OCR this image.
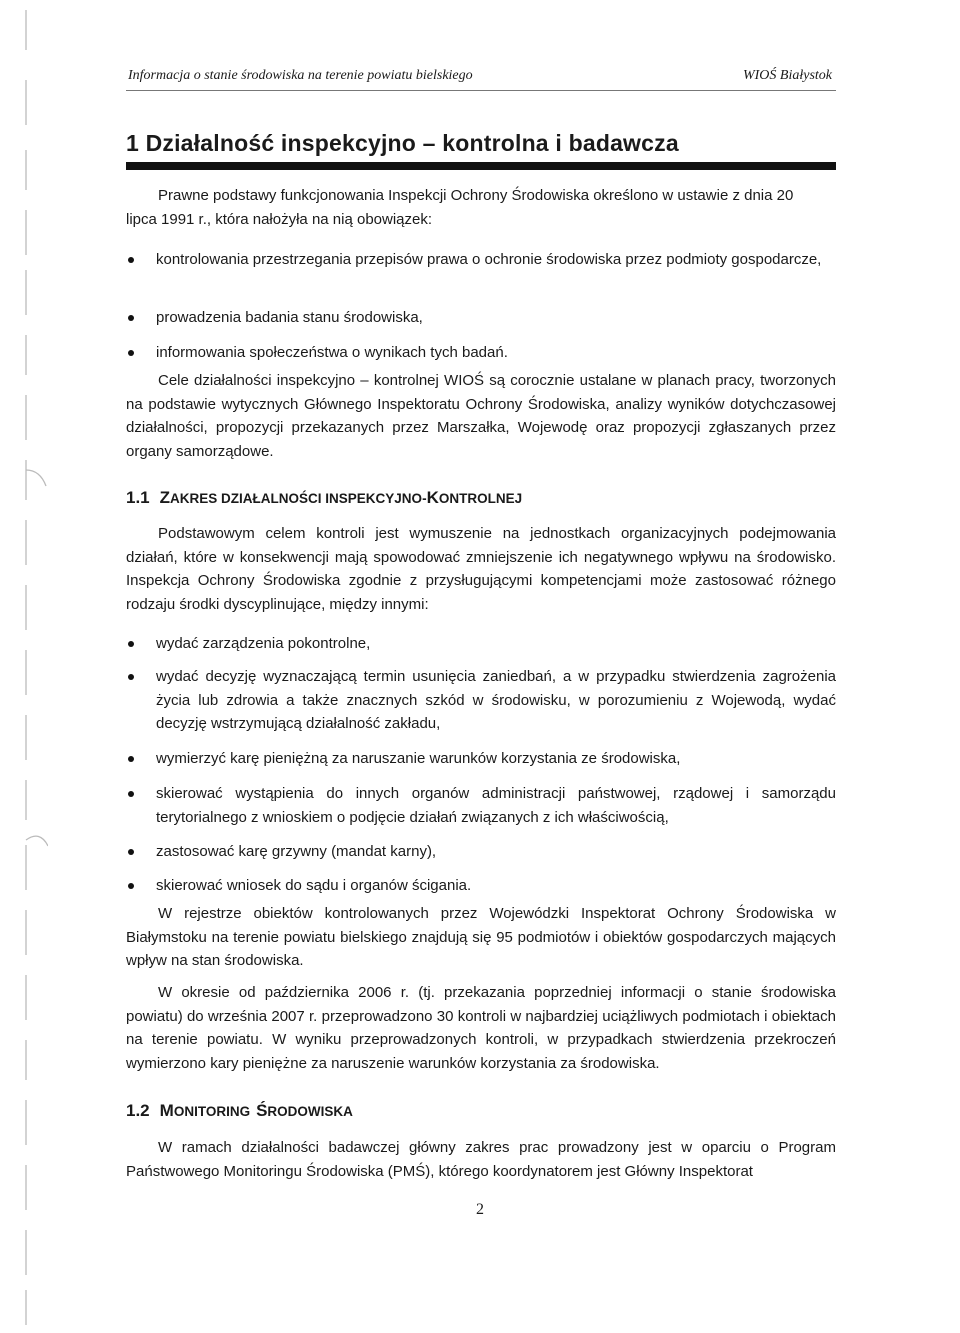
Informacja o stanie środowiska na terenie powiatu bielskiego	WIOŚ Białystok
1 Działalność inspekcyjno – kontrolna i badawcza

Prawne podstawy funkcjonowania Inspekcji Ochrony Środowiska określono w ustawie z dnia 20

lipca 1991 r., która nałożyła na nią obowiązek:

kontrolowania przestrzegania przepisów prawa o ochronie środowiska przez podmioty gospodarcze,

prowadzenia badania stanu środowiska,

informowania społeczeństwa o wynikach tych badań.

Cele działalności inspekcyjno – kontrolnej WIOŚ są corocznie ustalane w planach pracy, tworzonych na podstawie wytycznych Głównego Inspektoratu Ochrony Środowiska, analizy wyników dotychczasowej działalności, propozycji przekazanych przez Marszałka, Wojewodę oraz propozycji zgłaszanych przez organy samorządowe.

1.1 ZAKRES DZIAŁALNOŚCI INSPEKCYJNO-KONTROLNEJ

Podstawowym celem kontroli jest wymuszenie na jednostkach organizacyjnych podejmowania działań, które w konsekwencji mają spowodować zmniejszenie ich negatywnego wpływu na środowisko. Inspekcja Ochrony Środowiska zgodnie z przysługującymi kompetencjami może zastosować różnego rodzaju środki dyscyplinujące, między innymi:

wydać zarządzenia pokontrolne,

wydać decyzję wyznaczającą termin usunięcia zaniedbań, a w przypadku stwierdzenia zagrożenia życia lub zdrowia a także znacznych szkód w środowisku, w porozumieniu z Wojewodą, wydać decyzję wstrzymującą działalność zakładu,

wymierzyć karę pieniężną za naruszanie warunków korzystania ze środowiska,

skierować wystąpienia do innych organów administracji państwowej, rządowej i samorządu terytorialnego z wnioskiem o podjęcie działań związanych z ich właściwością,

zastosować karę grzywny (mandat karny),

skierować wniosek do sądu i organów ścigania.

W rejestrze obiektów kontrolowanych przez Wojewódzki Inspektorat Ochrony Środowiska w Białymstoku na terenie powiatu bielskiego znajdują się 95 podmiotów i obiektów gospodarczych mających wpływ na stan środowiska.

W okresie od października 2006 r. (tj. przekazania poprzedniej informacji o stanie środowiska powiatu) do września 2007 r. przeprowadzono 30 kontroli w najbardziej uciążliwych podmiotach i obiektach na terenie powiatu. W wyniku przeprowadzonych kontroli, w przypadkach stwierdzenia przekroczeń wymierzono kary pieniężne za naruszenie warunków korzystania za środowiska.

1.2 MONITORING ŚRODOWISKA

W ramach działalności badawczej główny zakres prac prowadzony jest w oparciu o Program Państwowego Monitoringu Środowiska (PMŚ), którego koordynatorem jest Główny Inspektorat

2
